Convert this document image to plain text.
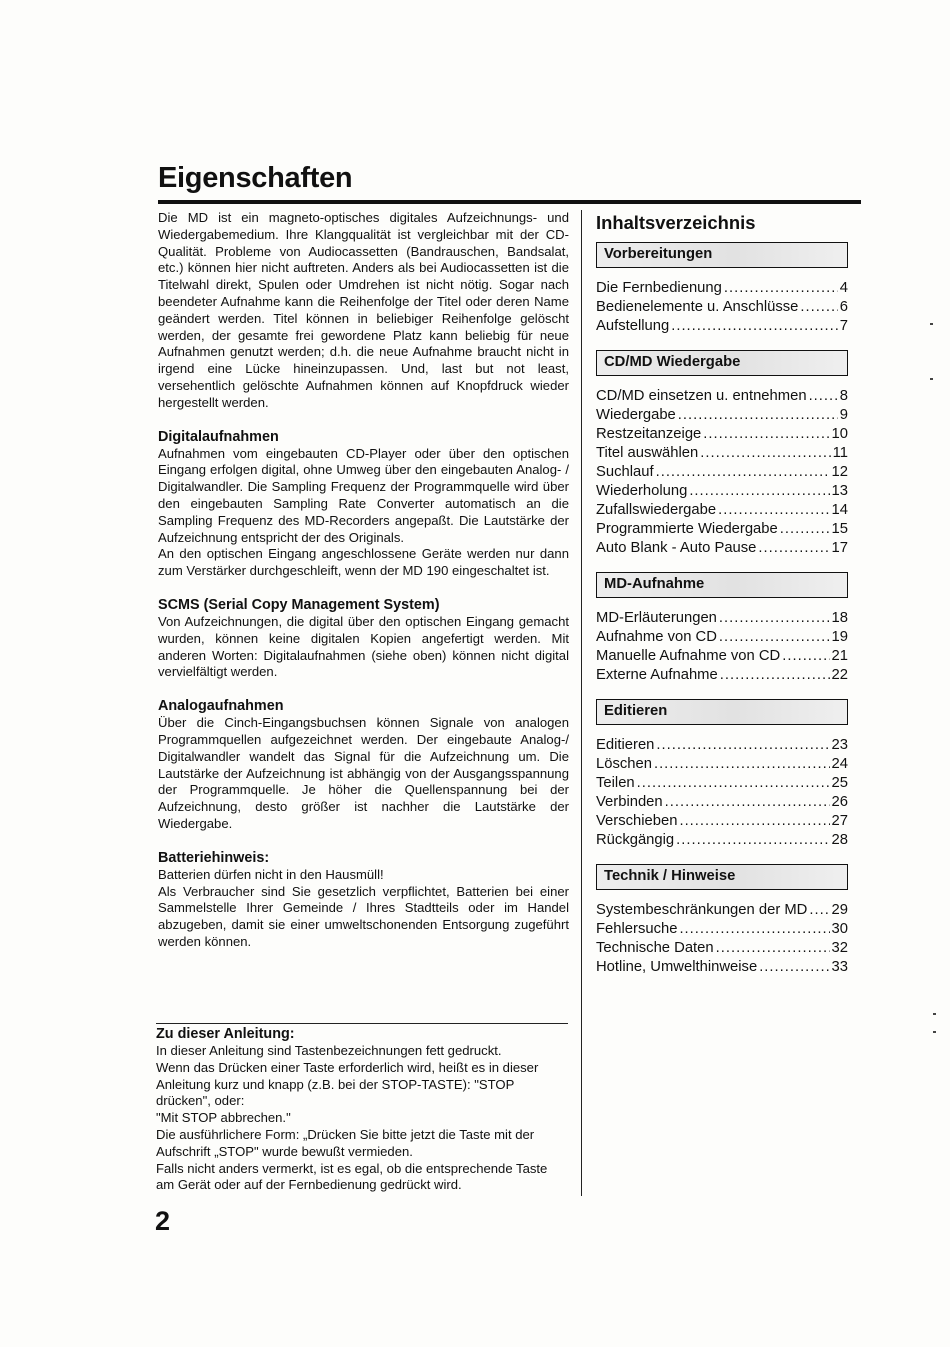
Eigenschaften

Die MD ist ein magneto-optisches digitales Aufzeichnungs- und Wiedergabemedium. Ihre Klangqualität ist vergleichbar mit der CD-Qualität. Probleme von Audiocassetten (Bandrauschen, Bandsalat, etc.) können hier nicht auftreten. Anders als bei Audiocassetten ist die Titelwahl direkt, Spulen oder Umdrehen ist nicht nötig. Sogar nach beendeter Aufnahme kann die Reihenfolge der Titel oder deren Name geändert werden. Titel können in beliebiger Reihenfolge gelöscht werden, der gesamte frei gewordene Platz kann beliebig für neue Aufnahmen genutzt werden; d.h. die neue Aufnahme braucht nicht in irgend eine Lücke hineinzupassen. Und, last but not least, versehentlich gelöschte Aufnahmen können auf Knopfdruck wieder hergestellt werden.

Digitalaufnahmen

Aufnahmen vom eingebauten CD-Player oder über den optischen Eingang erfolgen digital, ohne Umweg über den eingebauten Analog- / Digitalwandler. Die Sampling Frequenz der Programmquelle wird über den eingebauten Sampling Rate Converter automatisch an die Sampling Frequenz des MD-Recorders angepaßt. Die Lautstärke der Aufzeichnung entspricht der des Originals.

An den optischen Eingang angeschlossene Geräte werden nur dann zum Verstärker durchgeschleift, wenn der MD 190 eingeschaltet ist.

SCMS (Serial Copy Management System)

Von Aufzeichnungen, die digital über den optischen Eingang gemacht wurden, können keine digitalen Kopien angefertigt werden. Mit anderen Worten: Digitalaufnahmen (siehe oben) können nicht digital vervielfältigt werden.

Analogaufnahmen

Über die Cinch-Eingangsbuchsen können Signale von analogen Programmquellen aufgezeichnet werden. Der eingebaute Analog-/ Digitalwandler wandelt das Signal für die Aufzeichnung um. Die Lautstärke der Aufzeichnung ist abhängig von der Ausgangsspannung der Programmquelle. Je höher die Quellenspannung bei der Aufzeichnung, desto größer ist nachher die Lautstärke der Wiedergabe.

Batteriehinweis:

Batterien dürfen nicht in den Hausmüll!

Als Verbraucher sind Sie gesetzlich verpflichtet, Batterien bei einer Sammelstelle Ihrer Gemeinde / Ihres Stadtteils oder im Handel abzugeben, damit sie einer umweltschonenden Entsorgung zugeführt werden können.

Zu dieser Anleitung:

In dieser Anleitung sind Tastenbezeichnungen fett gedruckt.

Wenn das Drücken einer Taste erforderlich wird, heißt es in dieser Anleitung kurz und knapp (z.B. bei der STOP-TASTE): "STOP drücken", oder:

"Mit STOP abbrechen."

Die ausführlichere Form: „Drücken Sie bitte jetzt die Taste mit der Aufschrift „STOP" wurde bewußt vermieden.

Falls nicht anders vermerkt, ist es egal, ob die entsprechende Taste am Gerät oder auf der Fernbedienung gedrückt wird.

2
Inhaltsverzeichnis
Vorbereitungen
Die Fernbedienung .....	4
Bedienelemente u. Anschlüsse .....	6
Aufstellung .....	7
CD/MD Wiedergabe
CD/MD einsetzen u. entnehmen ..... 8
Wiedergabe .....	9
Restzeitanzeige .....	10
Titel auswählen .....	11
Suchlauf .....	12
Wiederholung .....	13
Zufallswiedergabe .....	14
Programmierte Wiedergabe .....	15
Auto Blank - Auto Pause .....	17
MD-Aufnahme
MD-Erläuterungen .....	18
Aufnahme von CD .....	19
Manuelle Aufnahme von CD .....	21
Externe Aufnahme .....	22
Editieren
Editieren .....	23
Löschen .....	24
Teilen .....	25
Verbinden .....	26
Verschieben .....	27
Rückgängig .....	28
Technik / Hinweise
Systembeschränkungen der MD ..... 29
Fehlersuche .....	30
Technische Daten .....	32
Hotline, Umwelthinweise .....	33
